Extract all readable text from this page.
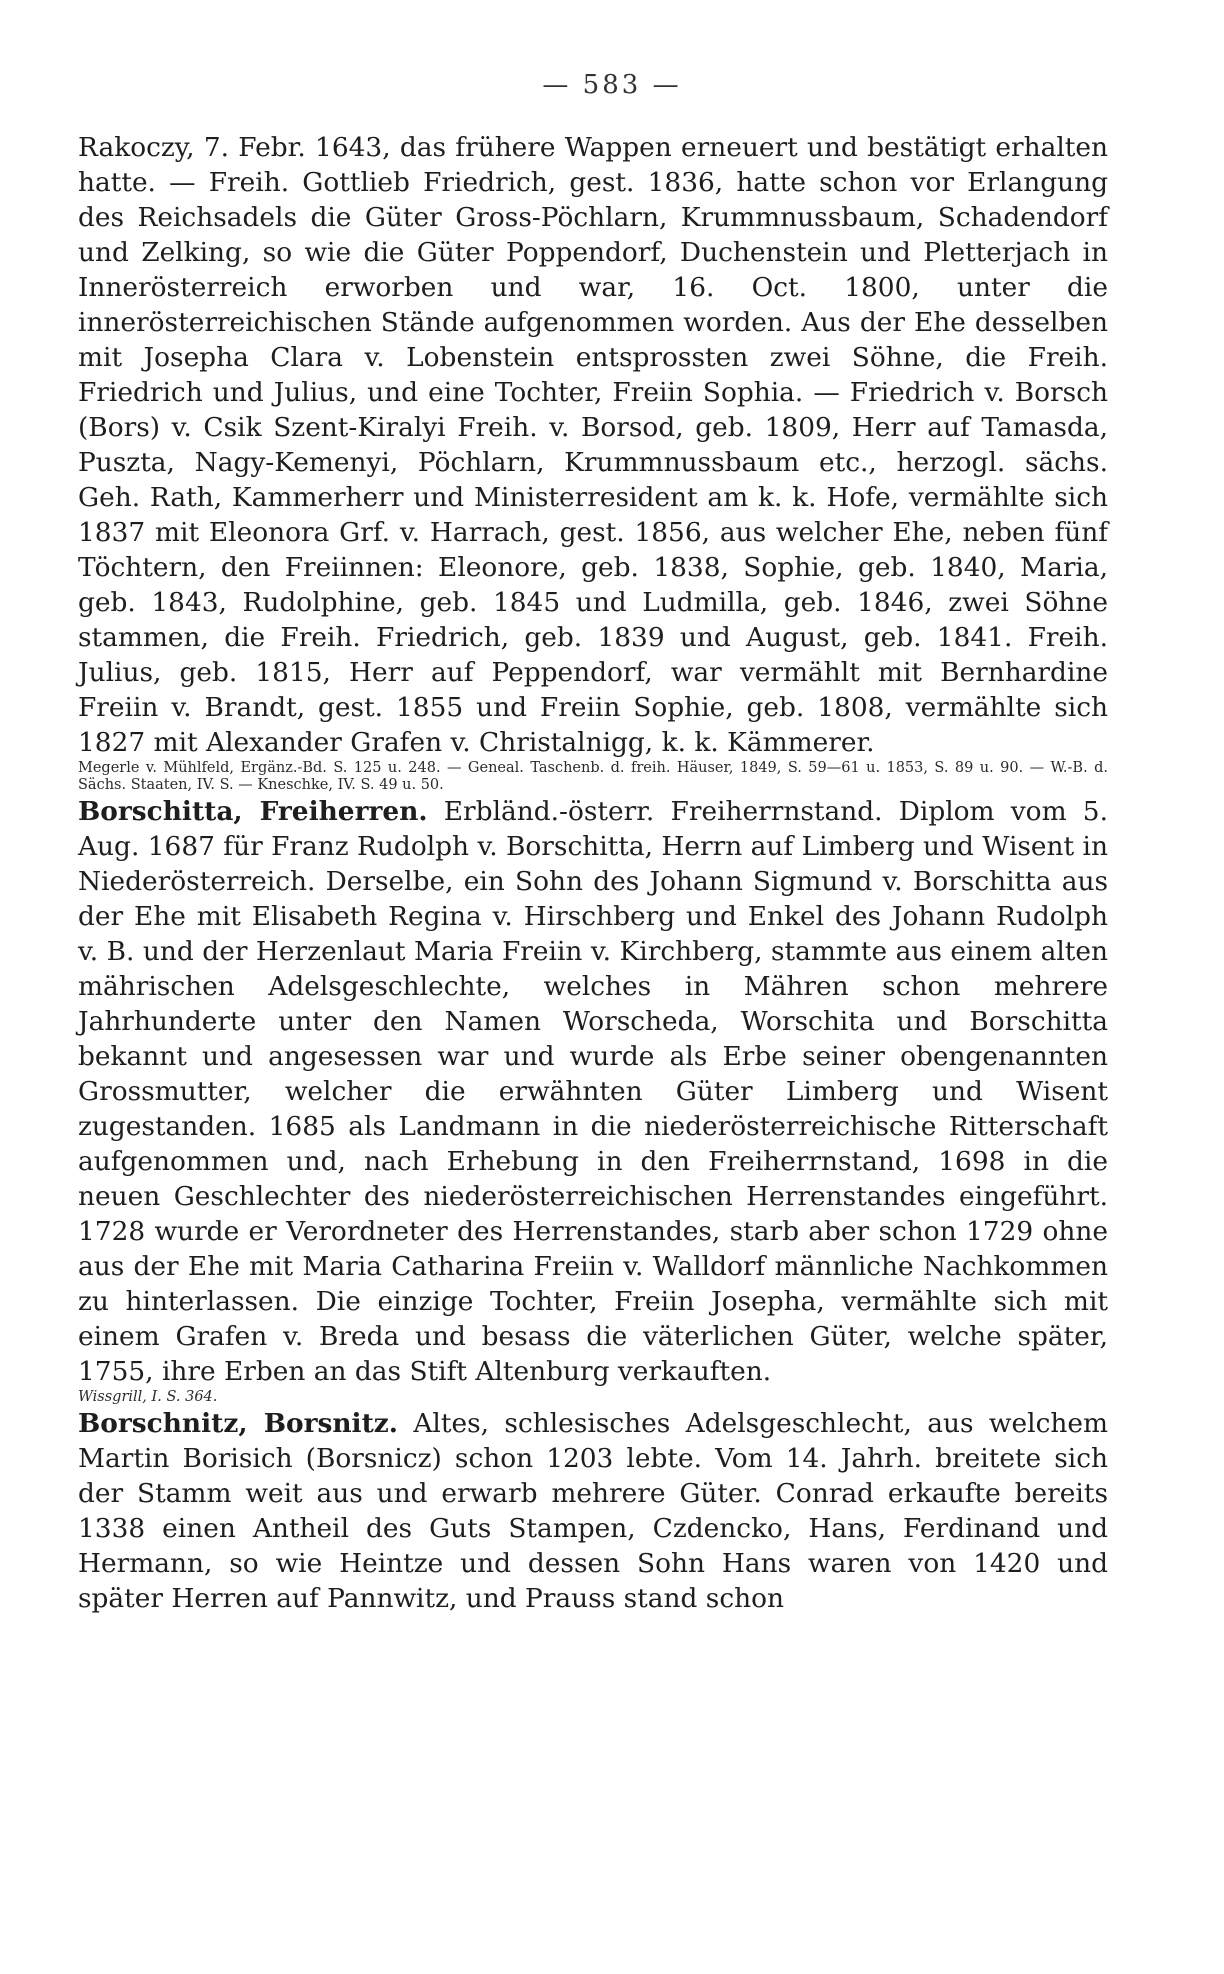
— 583 —

Rakoczy, 7. Febr. 1643, das frühere Wappen erneuert und bestätigt erhalten hatte. — Freih. Gottlieb Friedrich, gest. 1836, hatte schon vor Erlangung des Reichsadels die Güter Gross-Pöchlarn, Krummnussbaum, Schadendorf und Zelking, so wie die Güter Poppendorf, Duchenstein und Pletterjach in Innerösterreich erworben und war, 16. Oct. 1800, unter die innerösterreichischen Stände aufgenommen worden. Aus der Ehe desselben mit Josepha Clara v. Lobenstein entsprossten zwei Söhne, die Freih. Friedrich und Julius, und eine Tochter, Freiin Sophia. — Friedrich v. Borsch (Bors) v. Csik Szent-Kiralyi Freih. v. Borsod, geb. 1809, Herr auf Tamasda, Puszta, Nagy-Kemenyi, Pöchlarn, Krummnussbaum etc., herzogl. sächs. Geh. Rath, Kammerherr und Ministerresident am k. k. Hofe, vermählte sich 1837 mit Eleonora Grf. v. Harrach, gest. 1856, aus welcher Ehe, neben fünf Töchtern, den Freiinnen: Eleonore, geb. 1838, Sophie, geb. 1840, Maria, geb. 1843, Rudolphine, geb. 1845 und Ludmilla, geb. 1846, zwei Söhne stammen, die Freih. Friedrich, geb. 1839 und August, geb. 1841. Freih. Julius, geb. 1815, Herr auf Peppendorf, war vermählt mit Bernhardine Freiin v. Brandt, gest. 1855 und Freiin Sophie, geb. 1808, vermählte sich 1827 mit Alexander Grafen v. Christalnigg, k. k. Kämmerer.

Megerle v. Mühlfeld, Ergänz.-Bd. S. 125 u. 248. — Geneal. Taschenb. d. freih. Häuser, 1849, S. 59—61 u. 1853, S. 89 u. 90. — W.-B. d. Sächs. Staaten, IV. S. — Kneschke, IV. S. 49 u. 50.

Borschitta, Freiherren. Erbländ.-österr. Freiherrnstand. Diplom vom 5. Aug. 1687 für Franz Rudolph v. Borschitta, Herrn auf Limberg und Wisent in Niederösterreich. Derselbe, ein Sohn des Johann Sigmund v. Borschitta aus der Ehe mit Elisabeth Regina v. Hirschberg und Enkel des Johann Rudolph v. B. und der Herzenlaut Maria Freiin v. Kirchberg, stammte aus einem alten mährischen Adelsgeschlechte, welches in Mähren schon mehrere Jahrhunderte unter den Namen Worscheda, Worschita und Borschitta bekannt und angesessen war und wurde als Erbe seiner obengenannten Grossmutter, welcher die erwähnten Güter Limberg und Wisent zugestanden. 1685 als Landmann in die niederösterreichische Ritterschaft aufgenommen und, nach Erhebung in den Freiherrnstand, 1698 in die neuen Geschlechter des niederösterreichischen Herrenstandes eingeführt. 1728 wurde er Verordneter des Herrenstandes, starb aber schon 1729 ohne aus der Ehe mit Maria Catharina Freiin v. Walldorf männliche Nachkommen zu hinterlassen. Die einzige Tochter, Freiin Josepha, vermählte sich mit einem Grafen v. Breda und besass die väterlichen Güter, welche später, 1755, ihre Erben an das Stift Altenburg verkauften.

Wissgrill, I. S. 364.

Borschnitz, Borsnitz. Altes, schlesisches Adelsgeschlecht, aus welchem Martin Borisich (Borsnicz) schon 1203 lebte. Vom 14. Jahrh. breitete sich der Stamm weit aus und erwarb mehrere Güter. Conrad erkaufte bereits 1338 einen Antheil des Guts Stampen, Czdencko, Hans, Ferdinand und Hermann, so wie Heintze und dessen Sohn Hans waren von 1420 und später Herren auf Pannwitz, und Prauss stand schon
